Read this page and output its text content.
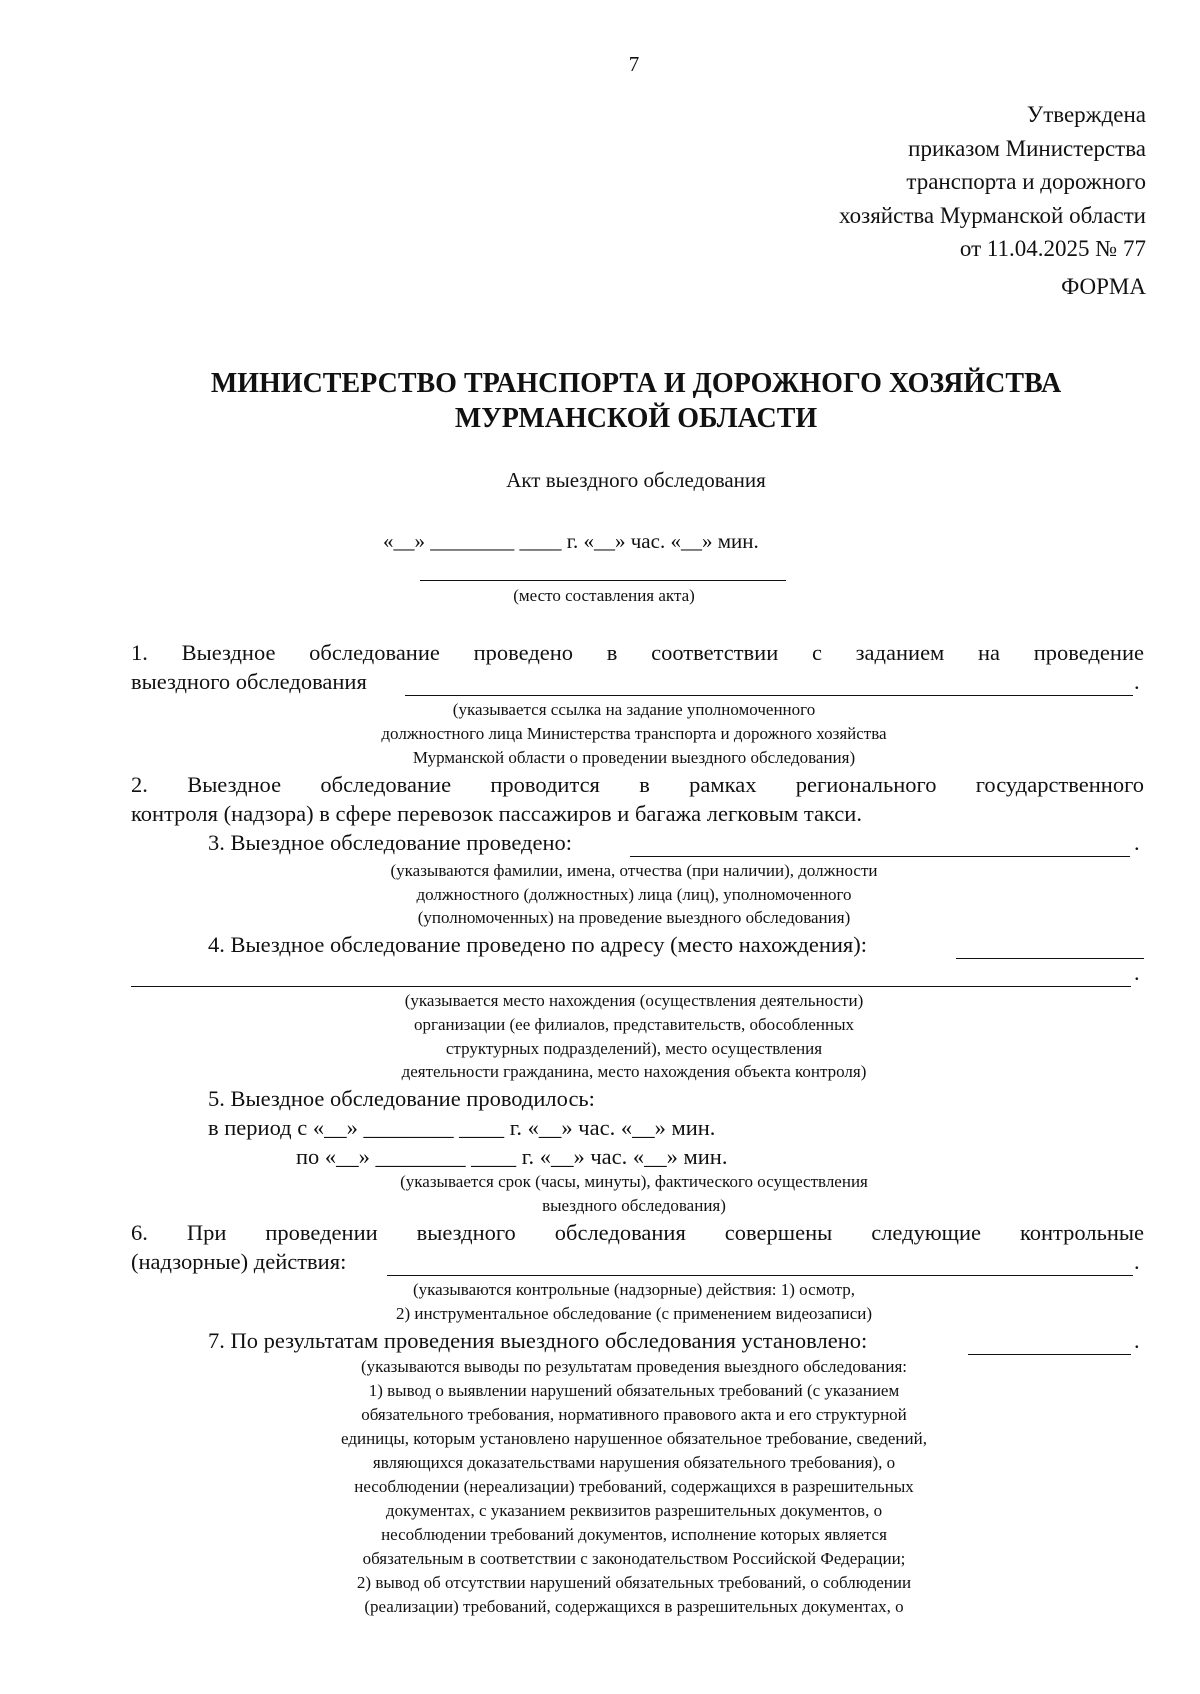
7
Утверждена
приказом Министерства
транспорта и дорожного
хозяйства Мурманской области
от 11.04.2025 № 77
ФОРМА
МИНИСТЕРСТВО ТРАНСПОРТА И ДОРОЖНОГО ХОЗЯЙСТВА
МУРМАНСКОЙ ОБЛАСТИ
Акт выездного обследования
«__» ________ ____ г. «__» час. «__» мин.
(место составления акта)
1. Выездное обследование проведено в соответствии с заданием на проведение
выездного обследования	.
(указывается ссылка на задание уполномоченного
должностного лица Министерства транспорта и дорожного хозяйства
Мурманской области о проведении выездного обследования)
2. Выездное обследование проводится в рамках регионального государственного
контроля (надзора) в сфере перевозок пассажиров и багажа легковым такси.
3. Выездное обследование проведено:	.
(указываются фамилии, имена, отчества (при наличии), должности
должностного (должностных) лица (лиц), уполномоченного
(уполномоченных) на проведение выездного обследования)
4. Выездное обследование проведено по адресу (место нахождения):
.
(указывается место нахождения (осуществления деятельности)
организации (ее филиалов, представительств, обособленных
структурных подразделений), место осуществления
деятельности гражданина, место нахождения объекта контроля)
5. Выездное обследование проводилось:
в период с «__» ________ ____ г. «__» час. «__» мин.
по «__» ________ ____ г. «__» час. «__» мин.
(указывается срок (часы, минуты), фактического осуществления
выездного обследования)
6. При проведении выездного обследования совершены следующие контрольные
(надзорные) действия:	.
(указываются контрольные (надзорные) действия: 1) осмотр,
2) инструментальное обследование (с применением видеозаписи)
7. По результатам проведения выездного обследования установлено:	.
(указываются выводы по результатам проведения выездного обследования:
1) вывод о выявлении нарушений обязательных требований (с указанием
обязательного требования, нормативного правового акта и его структурной
единицы, которым установлено нарушенное обязательное требование, сведений,
являющихся доказательствами нарушения обязательного требования), о
несоблюдении (нереализации) требований, содержащихся в разрешительных
документах, с указанием реквизитов разрешительных документов, о
несоблюдении требований документов, исполнение которых является
обязательным в соответствии с законодательством Российской Федерации;
2) вывод об отсутствии нарушений обязательных требований, о соблюдении
(реализации) требований, содержащихся в разрешительных документах, о
